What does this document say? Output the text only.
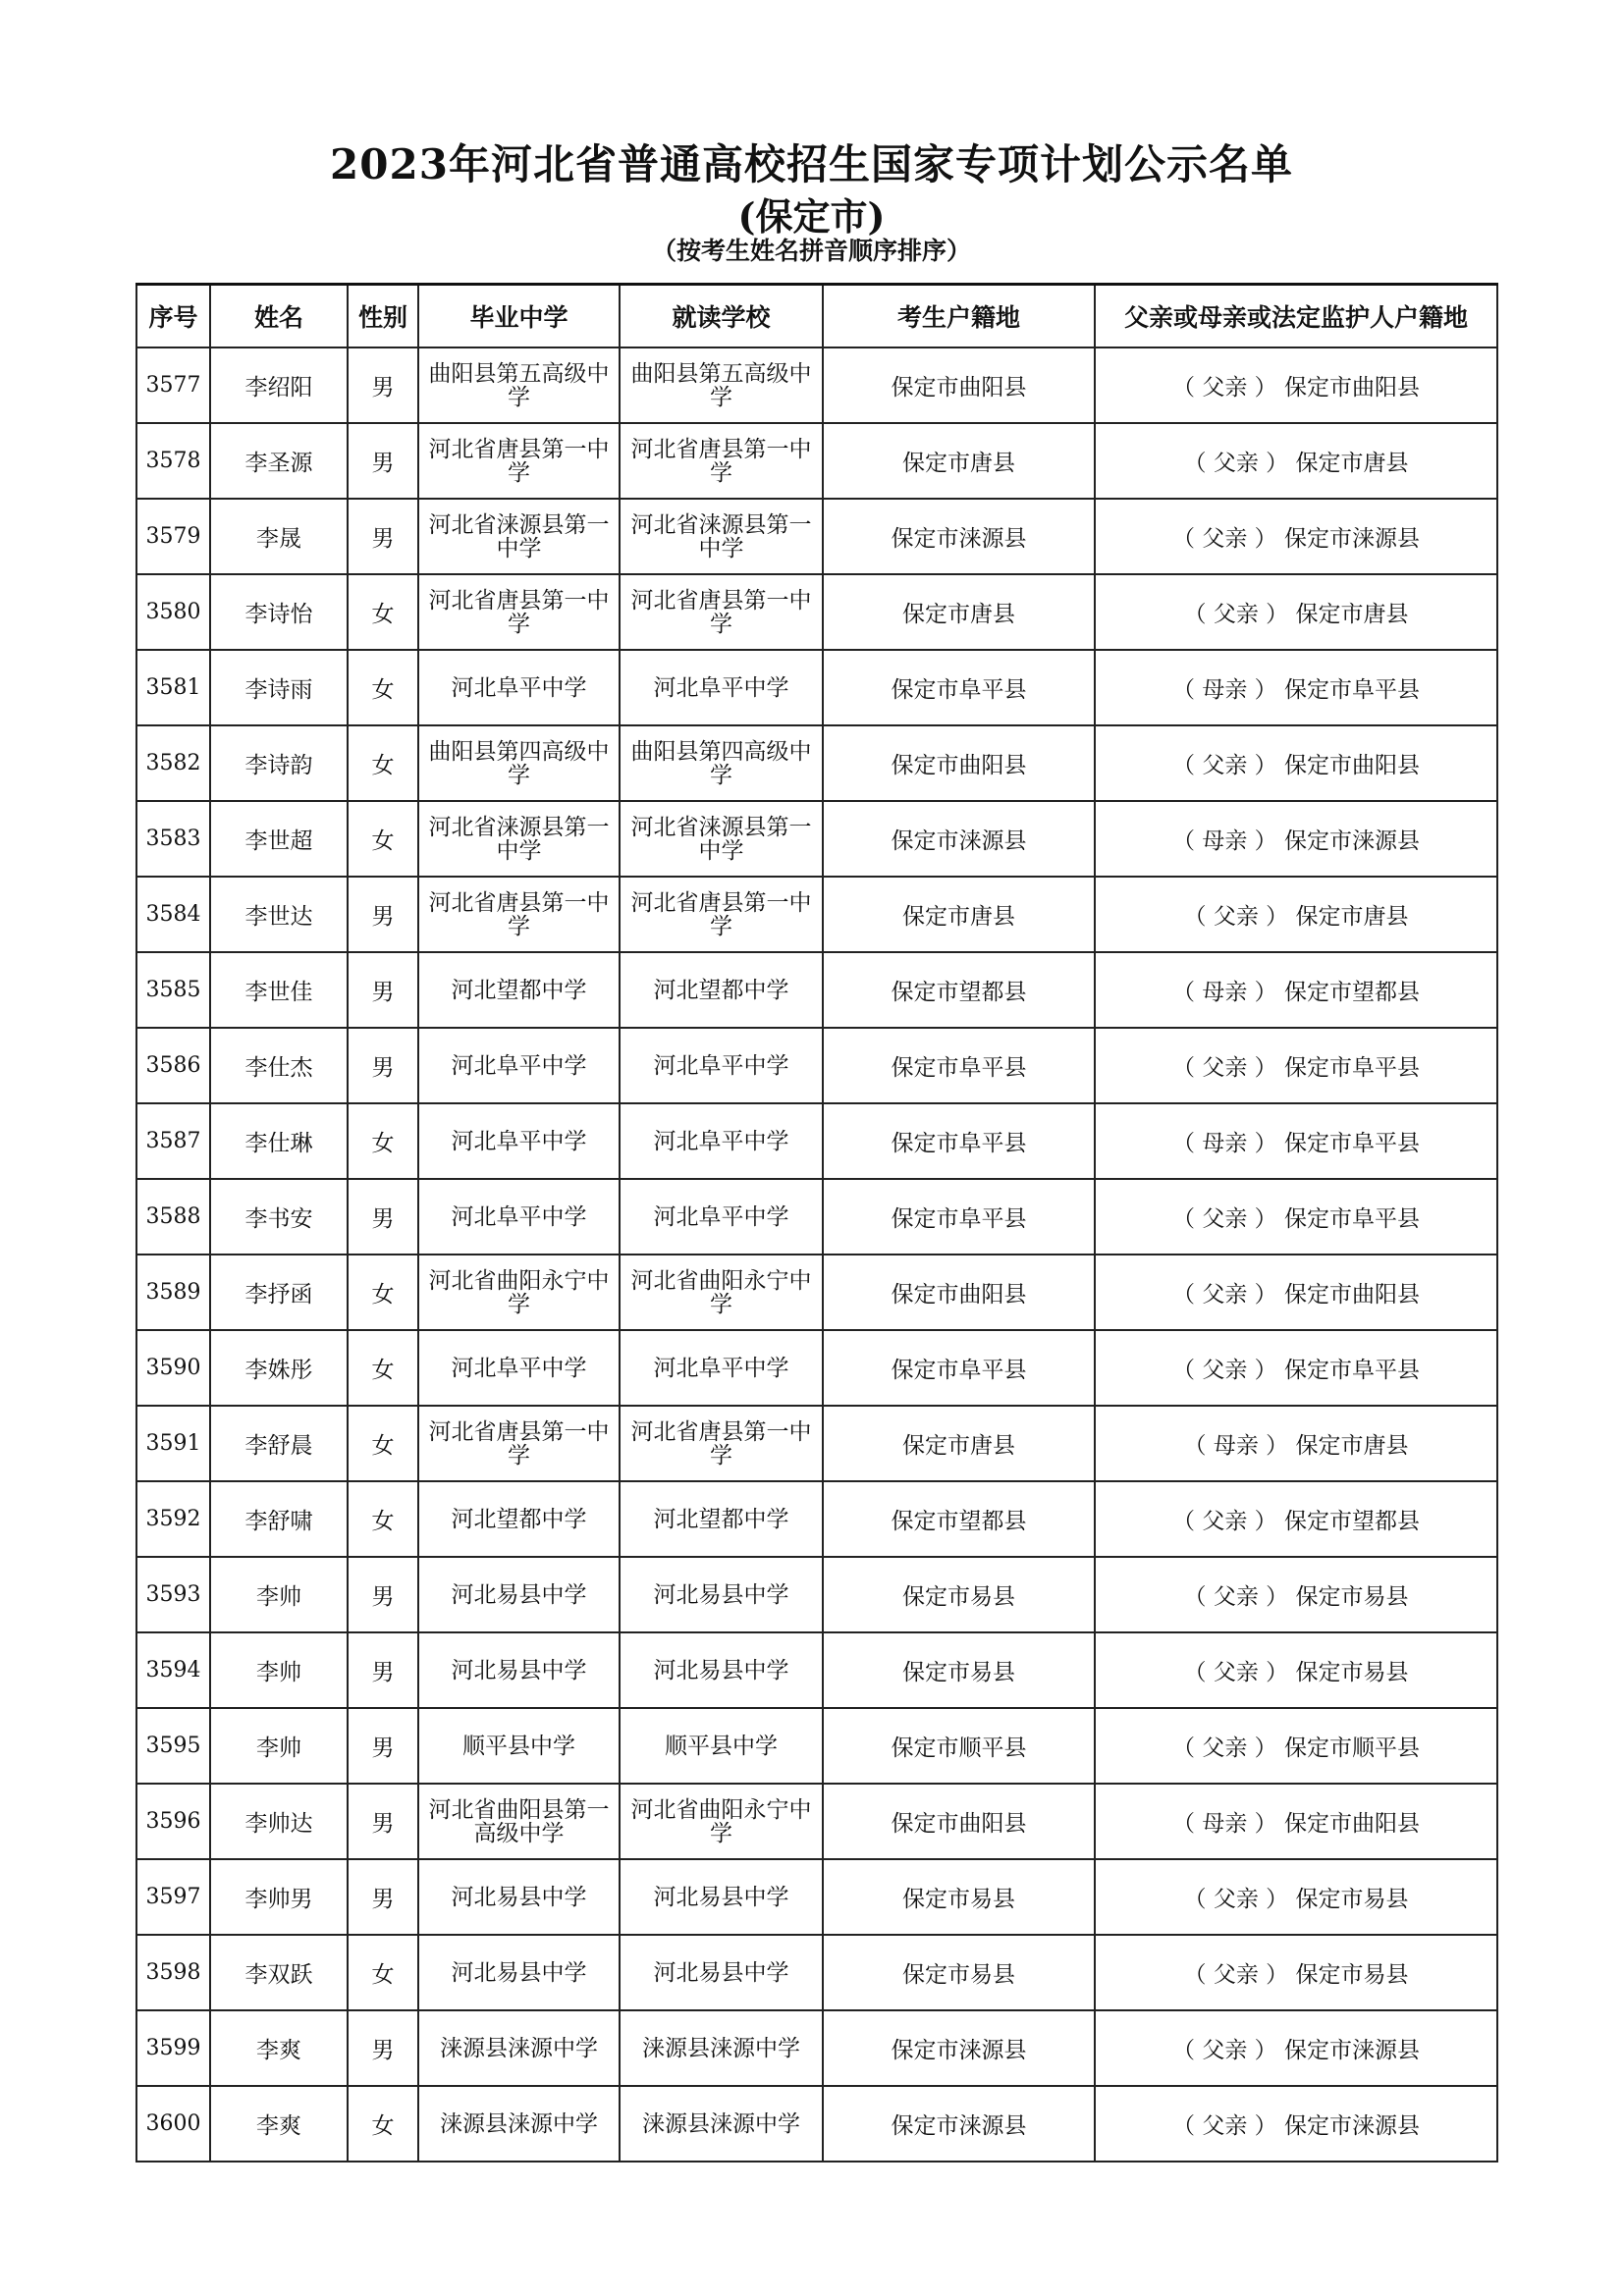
2023年河北省普通高校招生国家专项计划公示名单
(保定市)
（按考生姓名拼音顺序排序）
序号	姓名	性别	毕业中学	就读学校	考生户籍地	父亲或母亲或法定监护人户籍地
3577	李绍阳	男	曲阳县第五高级中学	曲阳县第五高级中学	保定市曲阳县	（ 父亲 ） 保定市曲阳县
3578	李圣源	男	河北省唐县第一中学	河北省唐县第一中学	保定市唐县	（ 父亲 ） 保定市唐县
3579	李晟	男	河北省涞源县第一中学	河北省涞源县第一中学	保定市涞源县	（ 父亲 ） 保定市涞源县
3580	李诗怡	女	河北省唐县第一中学	河北省唐县第一中学	保定市唐县	（ 父亲 ） 保定市唐县
3581	李诗雨	女	河北阜平中学	河北阜平中学	保定市阜平县	（ 母亲 ） 保定市阜平县
3582	李诗韵	女	曲阳县第四高级中学	曲阳县第四高级中学	保定市曲阳县	（ 父亲 ） 保定市曲阳县
3583	李世超	女	河北省涞源县第一中学	河北省涞源县第一中学	保定市涞源县	（ 母亲 ） 保定市涞源县
3584	李世达	男	河北省唐县第一中学	河北省唐县第一中学	保定市唐县	（ 父亲 ） 保定市唐县
3585	李世佳	男	河北望都中学	河北望都中学	保定市望都县	（ 母亲 ） 保定市望都县
3586	李仕杰	男	河北阜平中学	河北阜平中学	保定市阜平县	（ 父亲 ） 保定市阜平县
3587	李仕琳	女	河北阜平中学	河北阜平中学	保定市阜平县	（ 母亲 ） 保定市阜平县
3588	李书安	男	河北阜平中学	河北阜平中学	保定市阜平县	（ 父亲 ） 保定市阜平县
3589	李抒函	女	河北省曲阳永宁中学	河北省曲阳永宁中学	保定市曲阳县	（ 父亲 ） 保定市曲阳县
3590	李姝彤	女	河北阜平中学	河北阜平中学	保定市阜平县	（ 父亲 ） 保定市阜平县
3591	李舒晨	女	河北省唐县第一中学	河北省唐县第一中学	保定市唐县	（ 母亲 ） 保定市唐县
3592	李舒啸	女	河北望都中学	河北望都中学	保定市望都县	（ 父亲 ） 保定市望都县
3593	李帅	男	河北易县中学	河北易县中学	保定市易县	（ 父亲 ） 保定市易县
3594	李帅	男	河北易县中学	河北易县中学	保定市易县	（ 父亲 ） 保定市易县
3595	李帅	男	顺平县中学	顺平县中学	保定市顺平县	（ 父亲 ） 保定市顺平县
3596	李帅达	男	河北省曲阳县第一高级中学	河北省曲阳永宁中学	保定市曲阳县	（ 母亲 ） 保定市曲阳县
3597	李帅男	男	河北易县中学	河北易县中学	保定市易县	（ 父亲 ） 保定市易县
3598	李双跃	女	河北易县中学	河北易县中学	保定市易县	（ 父亲 ） 保定市易县
3599	李爽	男	涞源县涞源中学	涞源县涞源中学	保定市涞源县	（ 父亲 ） 保定市涞源县
3600	李爽	女	涞源县涞源中学	涞源县涞源中学	保定市涞源县	（ 父亲 ） 保定市涞源县
